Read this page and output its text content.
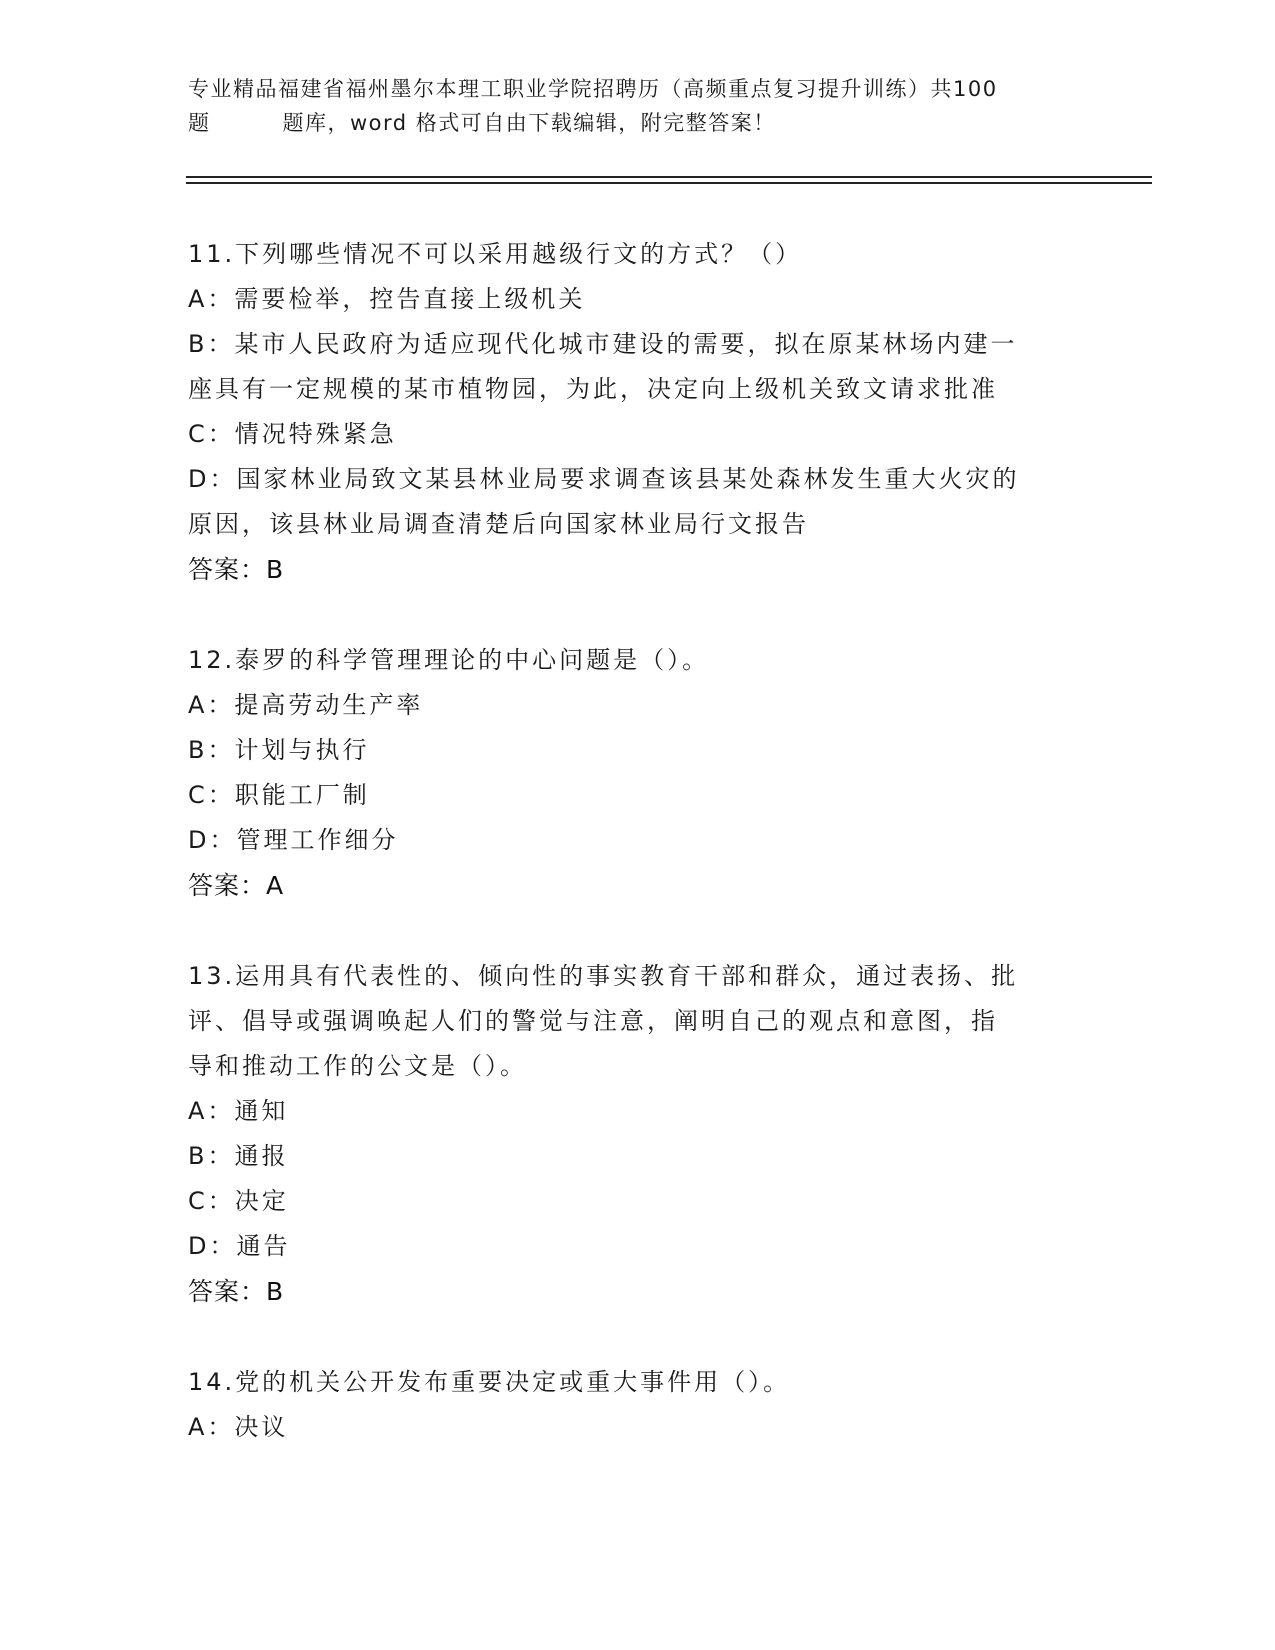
专业精品福建省福州墨尔本理工职业学院招聘历（高频重点复习提升训练）共100
题	题库，word 格式可自由下载编辑，附完整答案！
11.下列哪些情况不可以采用越级行文的方式？（）
A：需要检举，控告直接上级机关
B：某市人民政府为适应现代化城市建设的需要，拟在原某林场内建一
座具有一定规模的某市植物园，为此，决定向上级机关致文请求批准
C：情况特殊紧急
D：国家林业局致文某县林业局要求调查该县某处森林发生重大火灾的
原因，该县林业局调查清楚后向国家林业局行文报告
答案：B
12.泰罗的科学管理理论的中心问题是（）。
A：提高劳动生产率
B：计划与执行
C：职能工厂制
D：管理工作细分
答案：A
13.运用具有代表性的、倾向性的事实教育干部和群众，通过表扬、批
评、倡导或强调唤起人们的警觉与注意，阐明自己的观点和意图，指
导和推动工作的公文是（）。
A：通知
B：通报
C：决定
D：通告
答案：B
14.党的机关公开发布重要决定或重大事件用（）。
A：决议
